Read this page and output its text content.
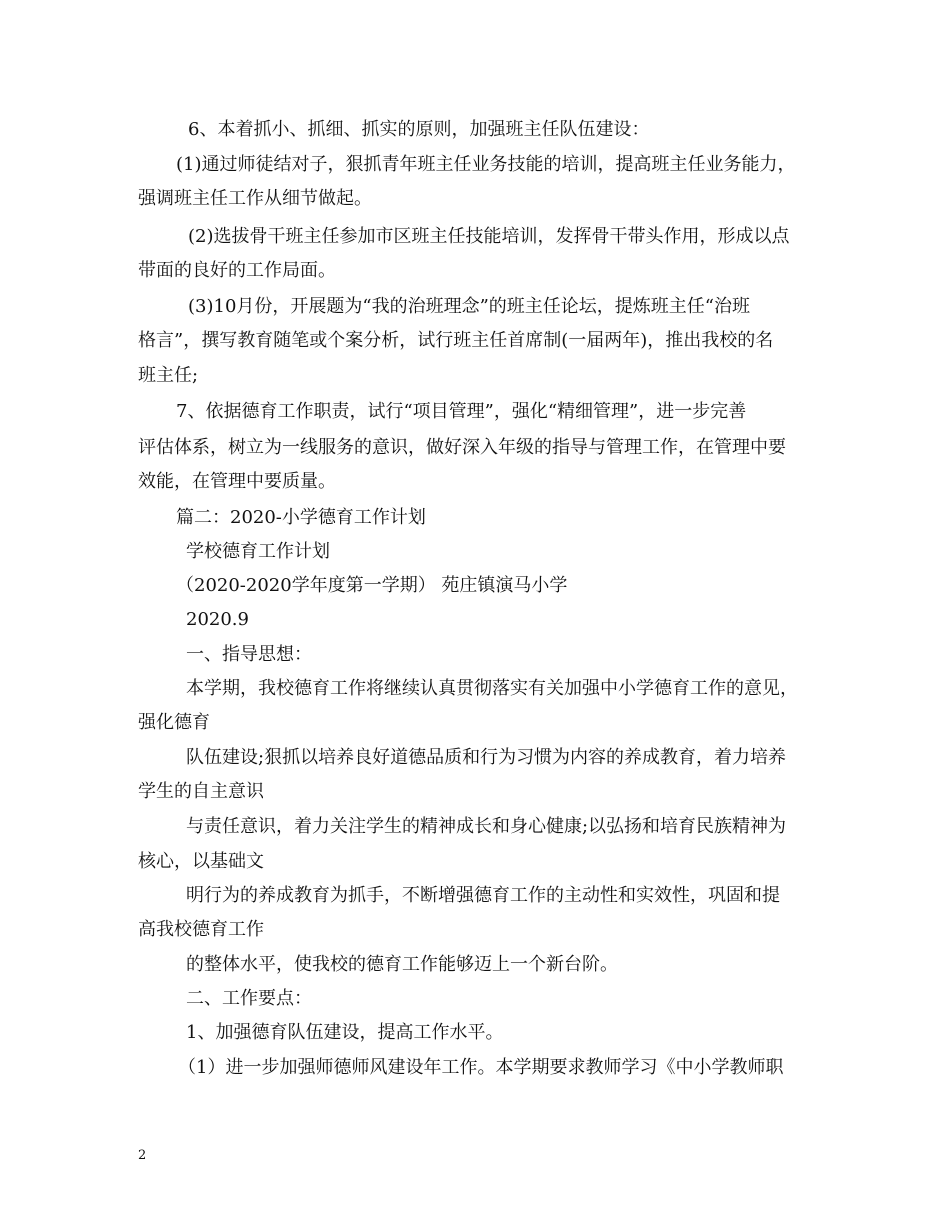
6、本着抓小、抓细、抓实的原则，加强班主任队伍建设：
(1)通过师徒结对子，狠抓青年班主任业务技能的培训，提高班主任业务能力，
强调班主任工作从细节做起。
(2)选拔骨干班主任参加市区班主任技能培训，发挥骨干带头作用，形成以点
带面的良好的工作局面。
(3)10月份，开展题为“我的治班理念”的班主任论坛，提炼班主任“治班
格言”，撰写教育随笔或个案分析，试行班主任首席制(一届两年)，推出我校的名
班主任;
7、依据德育工作职责，试行“项目管理”，强化“精细管理”，进一步完善
评估体系，树立为一线服务的意识，做好深入年级的指导与管理工作，在管理中要
效能，在管理中要质量。
篇二：2020-小学德育工作计划
学校德育工作计划
（2020-2020学年度第一学期） 苑庄镇演马小学
2020.9
一、指导思想：
本学期，我校德育工作将继续认真贯彻落实有关加强中小学德育工作的意见，
强化德育
队伍建设;狠抓以培养良好道德品质和行为习惯为内容的养成教育，着力培养
学生的自主意识
与责任意识，着力关注学生的精神成长和身心健康;以弘扬和培育民族精神为
核心，以基础文
明行为的养成教育为抓手，不断增强德育工作的主动性和实效性，巩固和提
高我校德育工作
的整体水平，使我校的德育工作能够迈上一个新台阶。
二、工作要点：
1、加强德育队伍建设，提高工作水平。
（1）进一步加强师德师风建设年工作。本学期要求教师学习《中小学教师职
2
